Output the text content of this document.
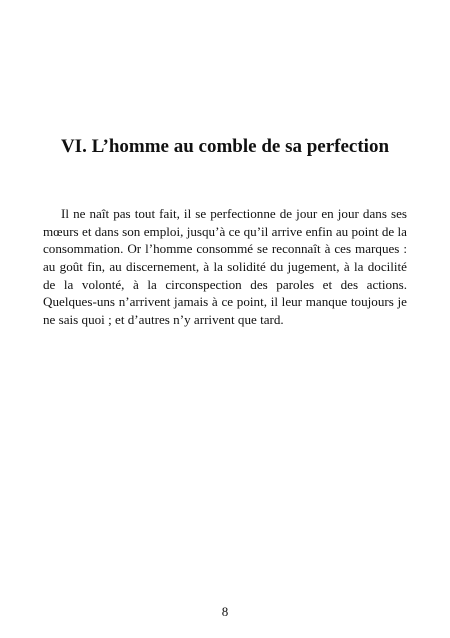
VI. L’homme au comble de sa perfection
Il ne naît pas tout fait, il se perfectionne de jour en jour dans ses
mœurs et dans son emploi, jusqu’à ce qu’il arrive enfin au point de la
consommation. Or l’homme consommé se reconnaît à ces marques :
au goût fin, au discernement, à la solidité du jugement, à la docilité
de la volonté, à la circonspection des paroles et des actions.
Quelques-uns n’arrivent jamais à ce point, il leur manque toujours je
ne sais quoi ; et d’autres n’y arrivent que tard.

8
